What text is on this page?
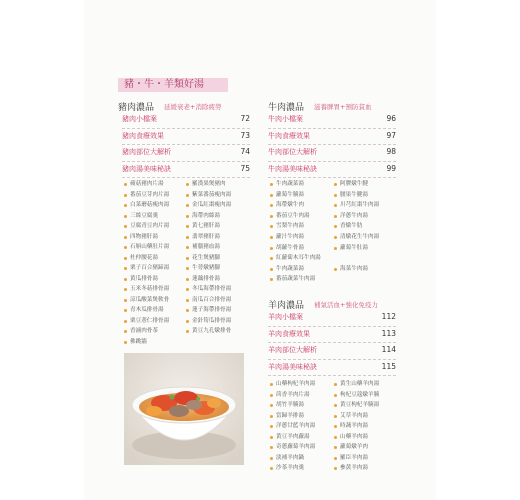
豬・牛・羊類好湯
豬肉濃品 延緩衰老+消除疲勞
豬肉小檔案	72
豬肉食療效果	73
豬肉部位大解析	74
豬肉湯美味秘訣	75
牛肉濃品 滋養脾胃+預防貧血
牛肉小檔案	96
牛肉食療效果	97
牛肉部位大解析	98
牛肉湯美味秘訣	99
羊肉濃品 補氣活血+強化免疫力
羊肉小檔案	112
羊肉食療效果	113
羊肉部位大解析	114
羊肉湯美味秘訣	115
蘋菇豬肉片湯
番茄豆芽肉片湯
白菜蘑菇瘦肉湯
三絲豆腐羹
豆腐青豆肉片湯
四物豬肝湯
石斛山藥肚片湯
杜仲腰花湯
栗子百合豬蹄湯
黃瓜排骨湯
玉米冬菇排骨湯
涼瓜酸菜煲軟骨
青木瓜排骨湯
栗豆薏仁排骨湯
香滷肉骨茶
佛跳牆
羅漢果煲豬肉
紫菜番茄瘦肉湯
金瓜紅棗瘦肉湯
海帶肉絲湯
黃七豬肝湯
翡翠豬肝湯
補腦豬血湯
花生煲豬腳
牛蒡燉豬腳
蓮藕排骨湯
冬瓜海帶排骨湯
南瓜百合排骨湯
蓮子海帶排骨湯
金針筍瓜排骨湯
黃豆九孔燉排骨
牛肉蔬菜湯
蘿蔔牛腩湯
海帶燉牛肉
番茄豆牛肉湯
雪梨牛肉湯
蘿汁牛肉湯
胡蘿牛骨湯
紅蘿蔔木耳牛肉湯
牛肉蔬菜湯
番茄蔬菜牛肉湯
阿膠燉牛腱
腰果牛腱湯
川芎紅棗牛肉湯
洋蔥牛肉湯
香燉牛肋
清燉花生牛肉湯
蘿蔔牛肚湯
海菜牛肉湯
山藥枸杞羊肉湯
茴香羊肉片湯
胡竹羊腩湯
當歸羊排湯
洋蔥甘藍羊肉湯
黃豆羊肉蘿湯
奇蔥蘿蔔羊肉湯
淡補羊肉鍋
沙茶羊肉羹
黃生山藥羊肉湯
枸杞豆蔻燉羊腩
黃豆枸杞羊腩湯
艾草羊肉湯
時蔬羊肉湯
山藥羊肉湯
蘿蔔燉羊肉
羅臣羊肉湯
參黃羊肉湯
